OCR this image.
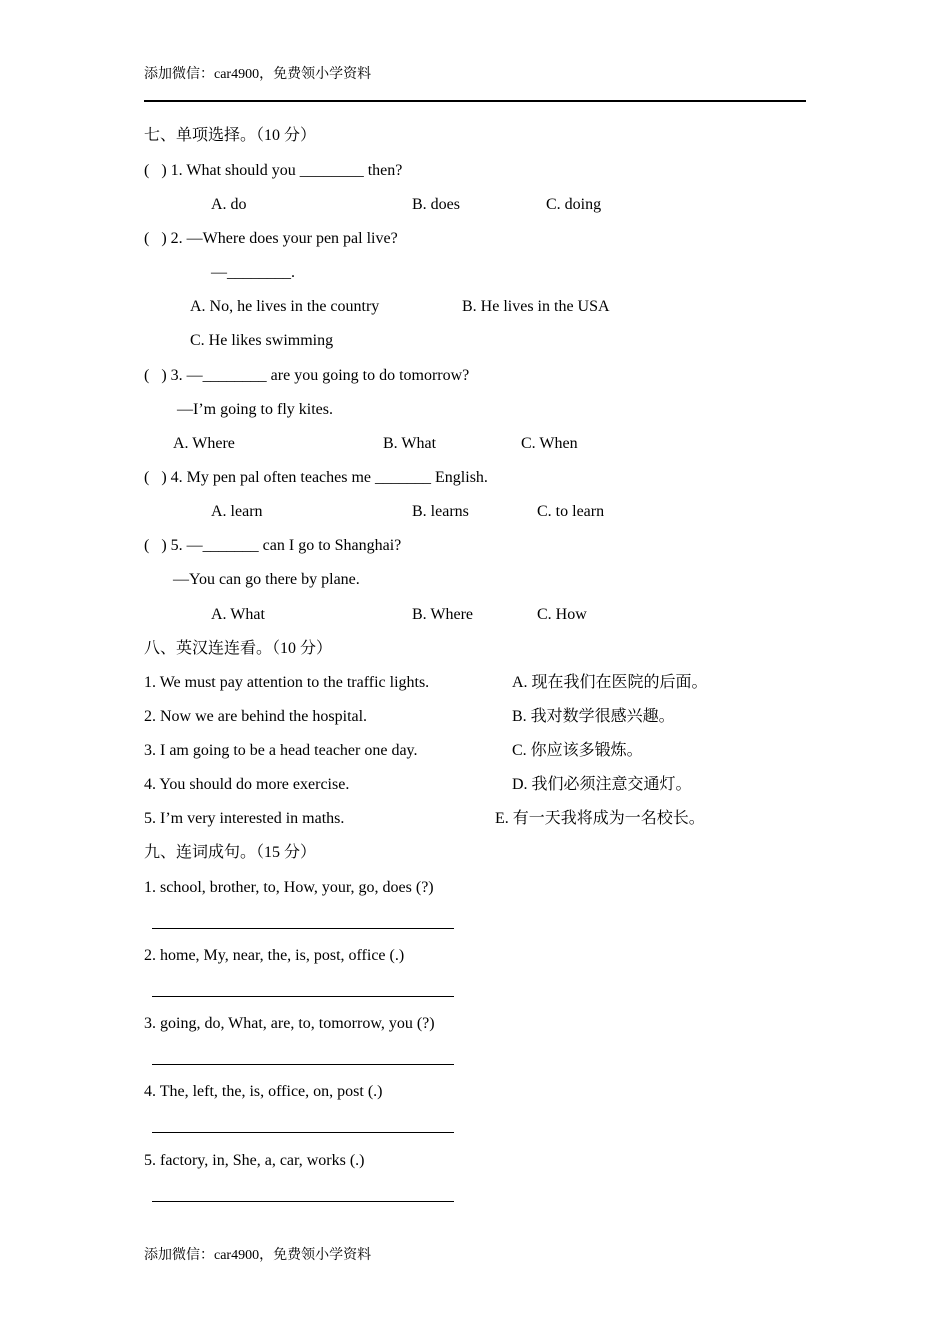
添加微信：car4900，免费领小学资料
七、单项选择。（10 分）
(   ) 1. What should you ________ then?
A. do	B. does	C. doing
(   ) 2. —Where does your pen pal live?
—________.
A. No, he lives in the country	B. He lives in the USA
C. He likes swimming
(   ) 3. —________ are you going to do tomorrow?
—I’m going to fly kites.
A. Where	B. What	C. When
(   ) 4. My pen pal often teaches me _______ English.
A. learn	B. learns	C. to learn
(   ) 5. —_______ can I go to Shanghai?
—You can go there by plane.
A. What	B. Where	C. How
八、英汉连连看。（10 分）
1. We must pay attention to the traffic lights.	A. 现在我们在医院的后面。
2. Now we are behind the hospital.	B. 我对数学很感兴趣。
3. I am going to be a head teacher one day.	C. 你应该多锻炼。
4. You should do more exercise.	D. 我们必须注意交通灯。
5. I’m very interested in maths.	E. 有一天我将成为一名校长。
九、连词成句。（15 分）
1. school, brother, to, How, your, go, does (?)
2. home, My, near, the, is, post, office (.)
3. going, do, What, are, to, tomorrow, you (?)
4. The, left, the, is, office, on, post (.)
5. factory, in, She, a, car, works (.)
添加微信：car4900，免费领小学资料
